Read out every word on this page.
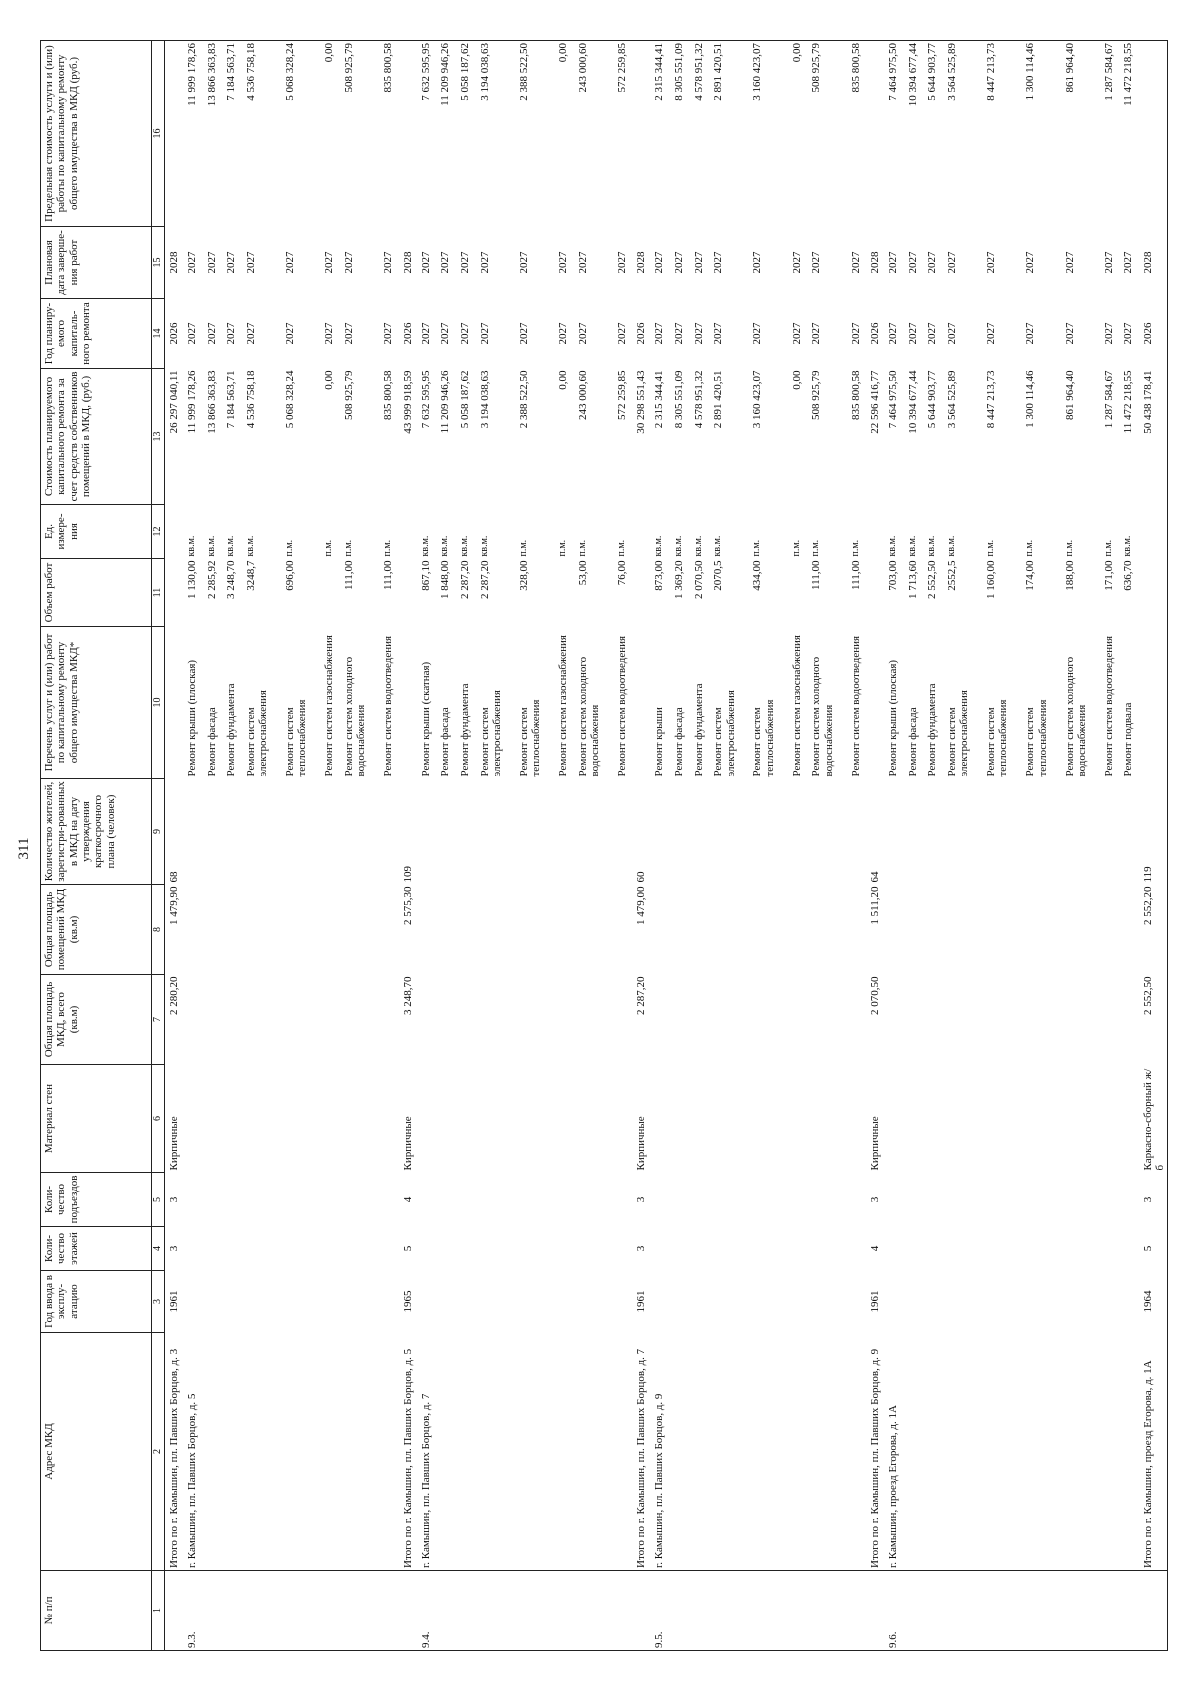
311
№ п/п	Адрес МКД	Год ввода в эксплу-атацию	Коли-чество этажей	Коли-чество подъездов	Материал стен	Общая площадь МКД, всего (кв.м)	Общая площадь помещений МКД (кв.м)	Количество жителей, зарегистри-рованных в МКД на дату утверждения краткосрочного плана (человек)	Перечень услуг и (или) работ по капитальному ремонту общего имущества МКД*	Объем работ	Ед. измере-ния	Стоимость планируемого капитального ремонта за счет средств собственников помещений в МКД, (руб.)	Год планиру-емого капиталь-ного ремонта	Плановая дата заверше-ния работ	Предельная стоимость услуги и (или) работы по капитальному ремонту общего имущества в МКД (руб.)
1	2	3	4	5	6	7	8	9	10	11	12	13	14	15	16
	Итого по г. Камышин, пл. Павших Борцов, д. 3	1961	3	3	Кирпичные	2 280,20	1 479,90	68				26 297 040,11	2026	2028	
9.3.	г. Камышин, пл. Павших Борцов, д. 5								Ремонт крыши (плоская)	1 130,00	кв.м.	11 999 178,26	2027	2027	11 999 178,26
									Ремонт фасада	2 285,92	кв.м.	13 866 363,83	2027	2027	13 866 363,83
									Ремонт фундамента	3 248,70	кв.м.	7 184 563,71	2027	2027	7 184 563,71
									Ремонт систем электроснабжения	3248,7	кв.м.	4 536 758,18	2027	2027	4 536 758,18
									Ремонт систем теплоснабжения	696,00	п.м.	5 068 328,24	2027	2027	5 068 328,24
									Ремонт систем газоснабжения		п.м.	0,00	2027	2027	0,00
									Ремонт систем холодного водоснабжения	111,00	п.м.	508 925,79	2027	2027	508 925,79
									Ремонт систем водоотведения	111,00	п.м.	835 800,58	2027	2027	835 800,58
	Итого по г. Камышин, пл. Павших Борцов, д. 5	1965	5	4	Кирпичные	3 248,70	2 575,30	109				43 999 918,59	2026	2028	
9.4.	г. Камышин, пл. Павших Борцов, д. 7								Ремонт крыши (скатная)	867,10	кв.м.	7 632 595,95	2027	2027	7 632 595,95
									Ремонт фасада	1 848,00	кв.м.	11 209 946,26	2027	2027	11 209 946,26
									Ремонт фундамента	2 287,20	кв.м.	5 058 187,62	2027	2027	5 058 187,62
									Ремонт систем электроснабжения	2 287,20	кв.м.	3 194 038,63	2027	2027	3 194 038,63
									Ремонт систем теплоснабжения	328,00	п.м.	2 388 522,50	2027	2027	2 388 522,50
									Ремонт систем газоснабжения		п.м.	0,00	2027	2027	0,00
									Ремонт систем холодного водоснабжения	53,00	п.м.	243 000,60	2027	2027	243 000,60
									Ремонт систем водоотведения	76,00	п.м.	572 259,85	2027	2027	572 259,85
	Итого по г. Камышин, пл. Павших Борцов, д. 7	1961	3	3	Кирпичные	2 287,20	1 479,00	60				30 298 551,43	2026	2028	
9.5.	г. Камышин, пл. Павших Борцов, д. 9								Ремонт крыши	873,00	кв.м.	2 315 344,41	2027	2027	2 315 344,41
									Ремонт фасада	1 369,20	кв.м.	8 305 551,09	2027	2027	8 305 551,09
									Ремонт фундамента	2 070,50	кв.м.	4 578 951,32	2027	2027	4 578 951,32
									Ремонт систем электроснабжения	2070,5	кв.м.	2 891 420,51	2027	2027	2 891 420,51
									Ремонт систем теплоснабжения	434,00	п.м.	3 160 423,07	2027	2027	3 160 423,07
									Ремонт систем газоснабжения		п.м.	0,00	2027	2027	0,00
									Ремонт систем холодного водоснабжения	111,00	п.м.	508 925,79	2027	2027	508 925,79
									Ремонт систем водоотведения	111,00	п.м.	835 800,58	2027	2027	835 800,58
	Итого по г. Камышин, пл. Павших Борцов, д. 9	1961	4	3	Кирпичные	2 070,50	1 511,20	64				22 596 416,77	2026	2028	
9.6.	г. Камышин, проезд Егорова, д. 1А								Ремонт крыши (плоская)	703,00	кв.м.	7 464 975,50	2027	2027	7 464 975,50
									Ремонт фасада	1 713,60	кв.м.	10 394 677,44	2027	2027	10 394 677,44
									Ремонт фундамента	2 552,50	кв.м.	5 644 903,77	2027	2027	5 644 903,77
									Ремонт систем электроснабжения	2552,5	кв.м.	3 564 525,89	2027	2027	3 564 525,89
									Ремонт систем теплоснабжения	1 160,00	п.м.	8 447 213,73	2027	2027	8 447 213,73
									Ремонт систем теплоснабжения	174,00	п.м.	1 300 114,46	2027	2027	1 300 114,46
									Ремонт систем холодного водоснабжения	188,00	п.м.	861 964,40	2027	2027	861 964,40
									Ремонт систем водоотведения	171,00	п.м.	1 287 584,67	2027	2027	1 287 584,67
									Ремонт подвала	636,70	кв.м.	11 472 218,55	2027	2027	11 472 218,55
	Итого по г. Камышин, проезд Егорова, д. 1А	1964	5	3	Каркасно-сборный ж/б	2 552,50	2 552,20	119				50 438 178,41	2026	2028	
